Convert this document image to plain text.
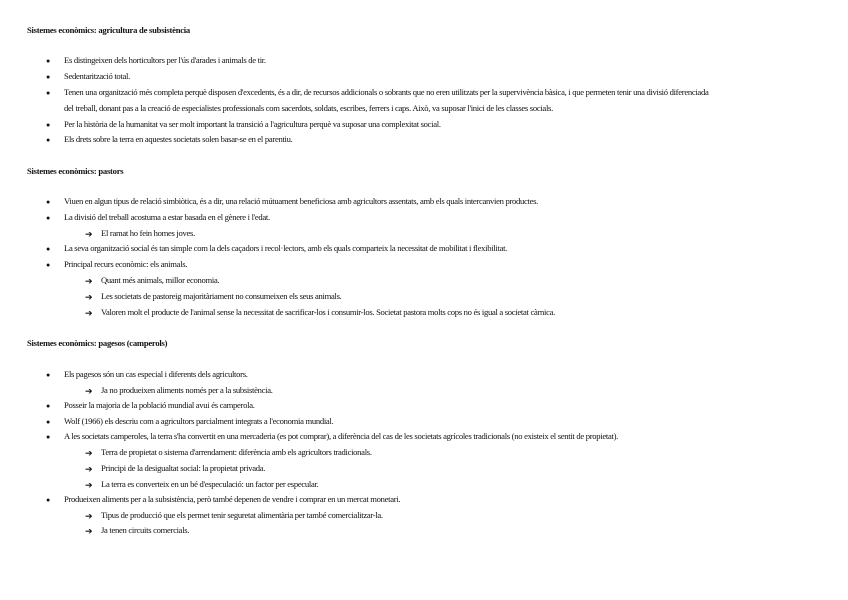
Sistemes econòmics: agricultura de subsistència
● Es distingeixen dels horticultors per l'ús d'arades i animals de tir.
● Sedentarització total.
● Tenen una organització més completa perquè disposen d'excedents, és a dir, de recursos addicionals o sobrants que no eren utilitzats per la supervivència bàsica, i que permeten tenir una divisió diferenciada
del treball, donant pas a la creació de especialistes professionals com sacerdots, soldats, escribes, ferrers i caps. Això, va suposar l'inici de les classes socials.
● Per la història de la humanitat va ser molt important la transició a l'agricultura perquè va suposar una complexitat social.
● Els drets sobre la terra en aquestes societats solen basar-se en el parentiu.
Sistemes econòmics: pastors
● Viuen en algun tipus de relació simbiòtica, és a dir, una relació mútuament beneficiosa amb agricultors assentats, amb els quals intercanvien productes.
● La divisió del treball acostuma a estar basada en el gènere i l'edat.
➔ El ramat ho fein homes joves.
● La seva organització social és tan simple com la dels caçadors i recol·lectors, amb els quals comparteix la necessitat de mobilitat i flexibilitat.
● Principal recurs econòmic: els animals.
➔ Quant més animals, millor economia.
➔ Les societats de pastoreig majoritàriament no consumeixen els seus animals.
➔ Valoren molt el producte de l'animal sense la necessitat de sacrificar-los i consumir-los. Societat pastora molts cops no és igual a societat càrnica.
Sistemes econòmics: pagesos (camperols)
● Els pagesos són un cas especial i diferents dels agricultors.
➔ Ja no produeixen aliments només per a la subsistència.
● Posseir la majoria de la població mundial avui és camperola.
● Wolf (1966) els descriu com a agricultors parcialment integrats a l'economia mundial.
● A les societats camperoles, la terra s'ha convertit en una mercaderia (es pot comprar), a diferència del cas de les societats agrícoles tradicionals (no existeix el sentit de propietat).
➔ Terra de propietat o sistema d'arrendament: diferència amb els agricultors tradicionals.
➔ Principi de la desigualtat social: la propietat privada.
➔ La terra es converteix en un bé d'especulació: un factor per especular.
● Produeixen aliments per a la subsistència, però també depenen de vendre i comprar en un mercat monetari.
➔ Tipus de producció que els permet tenir seguretat alimentària per també comercialitzar-la.
➔ Ja tenen circuits comercials.
